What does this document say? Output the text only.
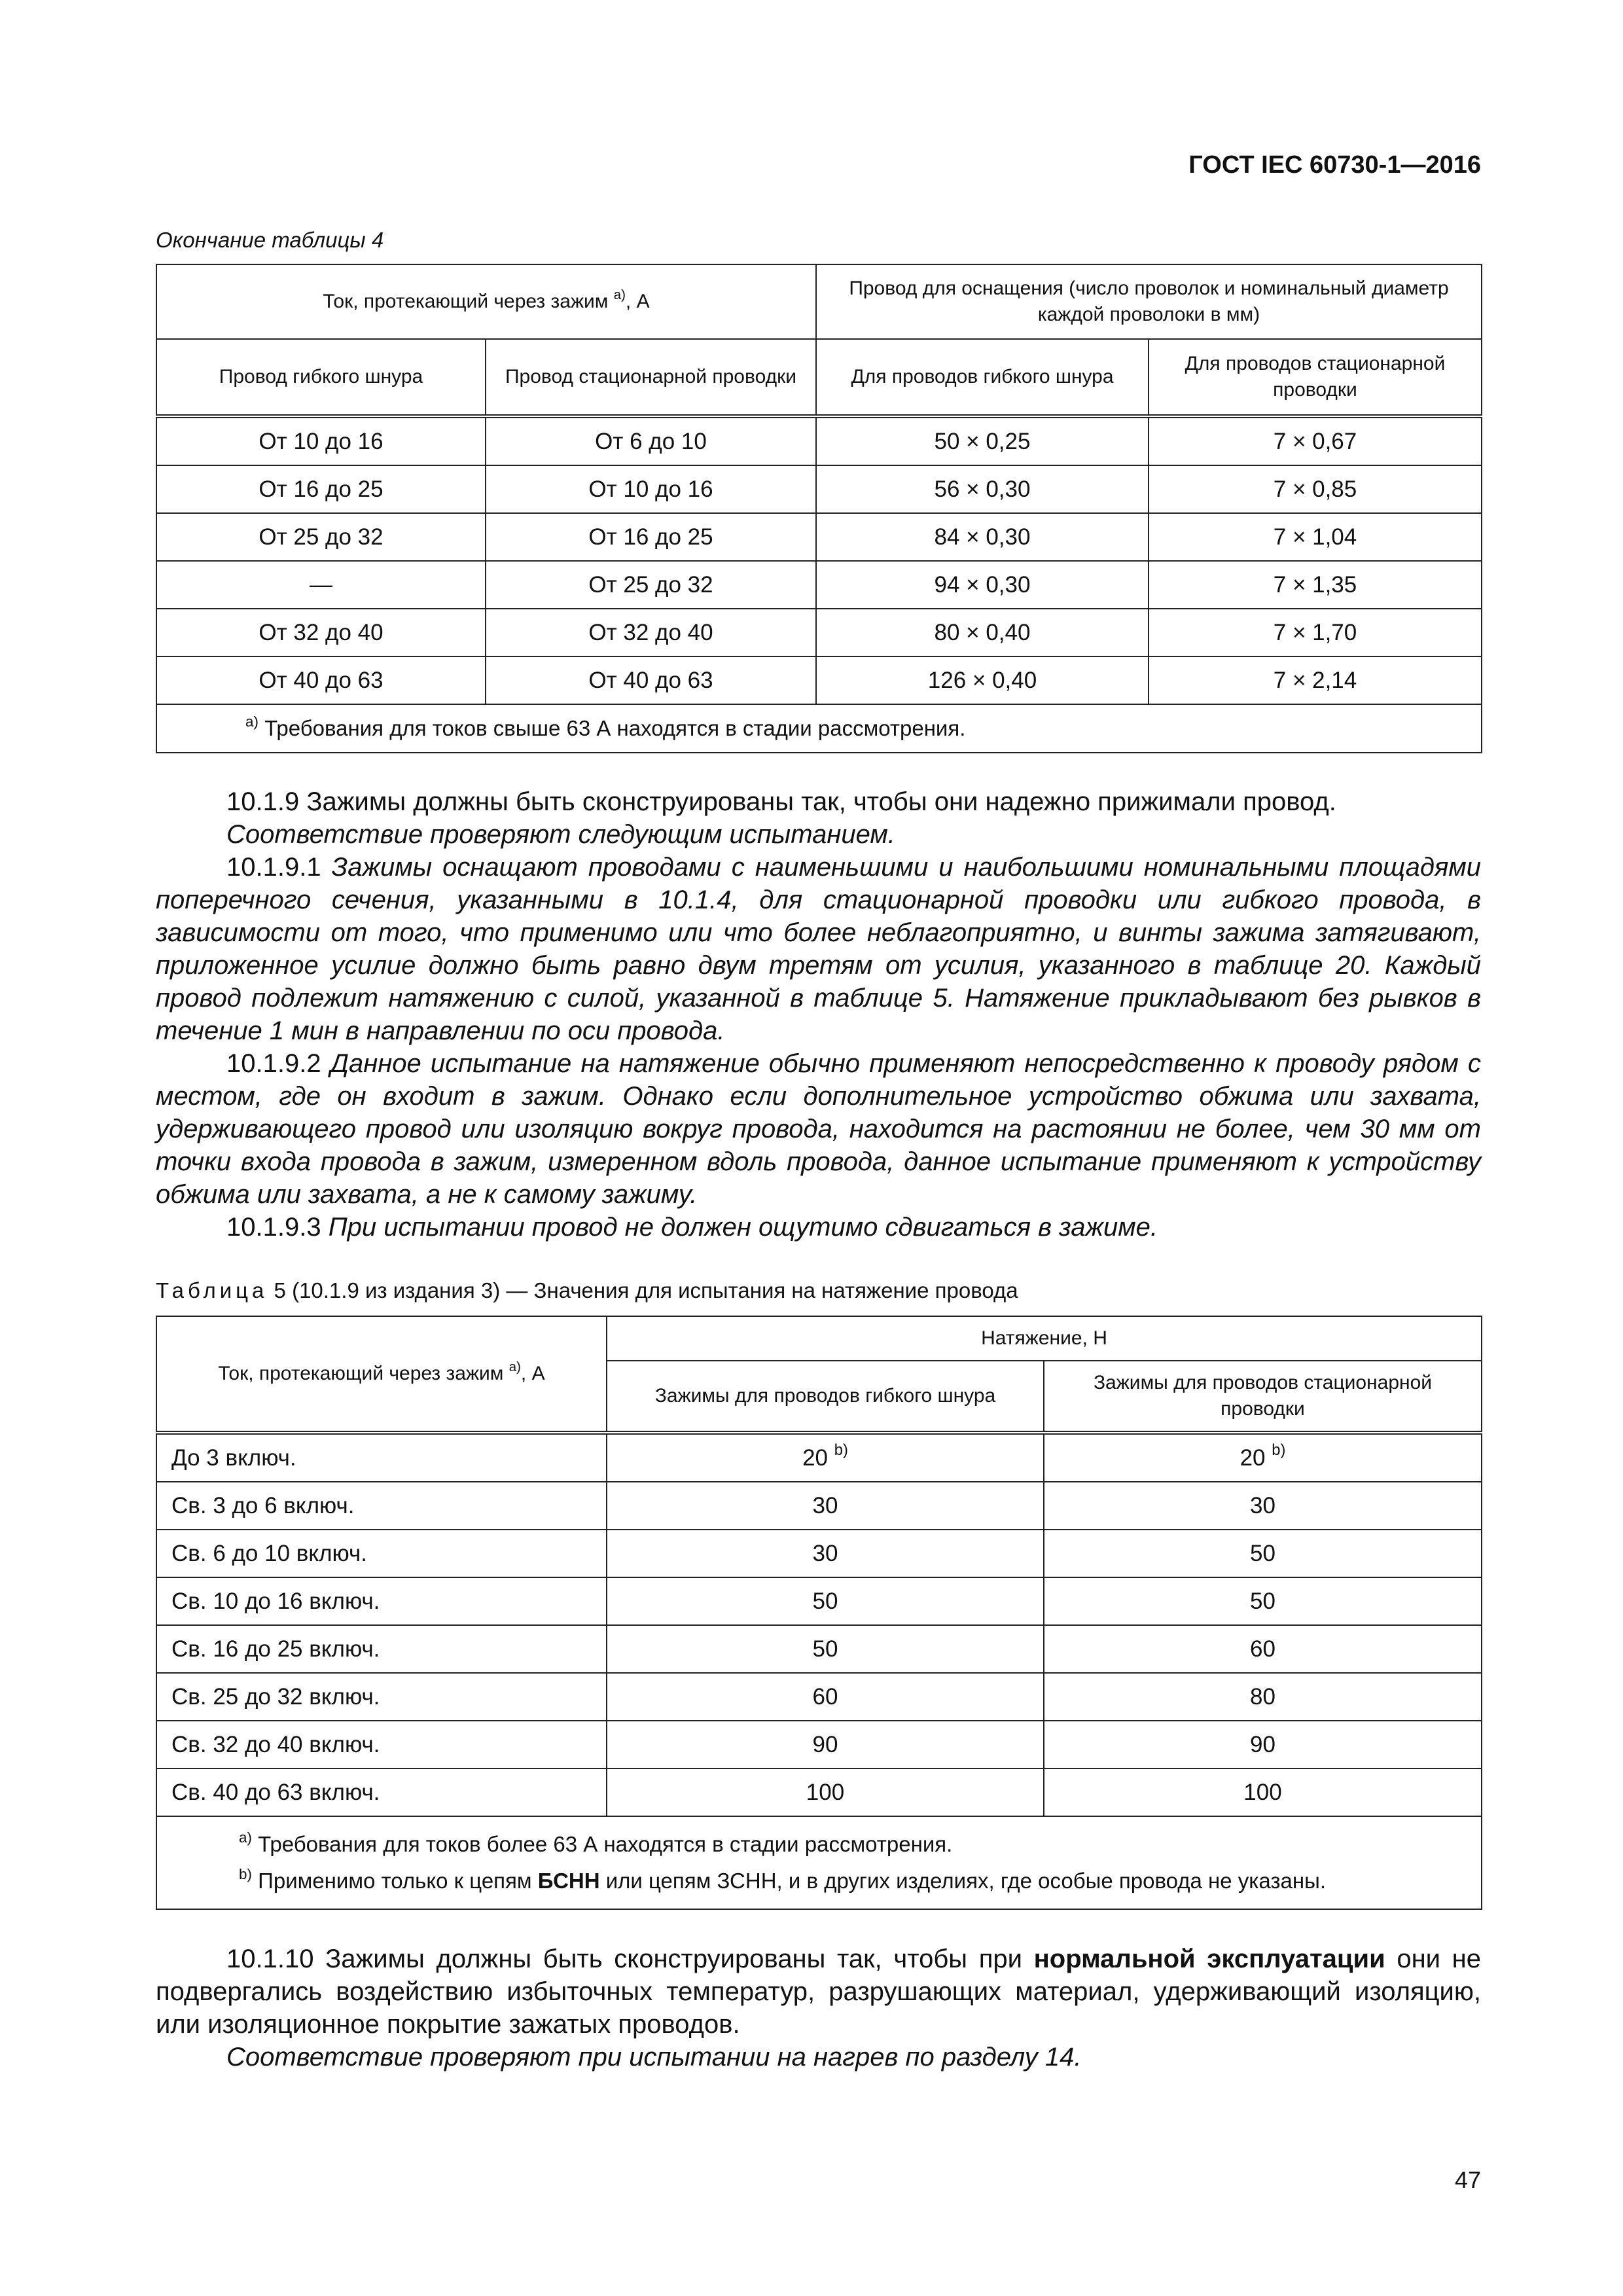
ГОСТ IEC 60730-1—2016
Окончание таблицы 4
Ток, протекающий через зажим $^{a)}$, А		Провод для оснащения (число проволок и номинальный диаметр каждой проволоки в мм)	
Провод гибкого шнура	Провод стационарной проводки	Для проводов гибкого шнура	Для проводов стационарной проводки
От 10 до 16	От 6 до 10	50 × 0,25	7 × 0,67
От 16 до 25	От 10 до 16	56 × 0,30	7 × 0,85
От 25 до 32	От 16 до 25	84 × 0,30	7 × 1,04
—	От 25 до 32	94 × 0,30	7 × 1,35
От 32 до 40	От 32 до 40	80 × 0,40	7 × 1,70
От 40 до 63	От 40 до 63	126 × 0,40	7 × 2,14
$^{a)}$ Требования для токов свыше 63 А находятся в стадии рассмотрения.			

10.1.9 Зажимы должны быть сконструированы так, чтобы они надежно прижимали провод.

Соответствие проверяют следующим испытанием.

10.1.9.1 Зажимы оснащают проводами с наименьшими и наибольшими номинальными площадями поперечного сечения, указанными в 10.1.4, для стационарной проводки или гибкого провода, в зависимости от того, что применимо или что более неблагоприятно, и винты зажима затягивают, приложенное усилие должно быть равно двум третям от усилия, указанного в таблице 20. Каждый провод подлежит натяжению с силой, указанной в таблице 5. Натяжение прикладывают без рывков в течение 1 мин в направлении по оси провода.

10.1.9.2 Данное испытание на натяжение обычно применяют непосредственно к проводу рядом с местом, где он входит в зажим. Однако если дополнительное устройство обжима или захвата, удерживающего провод или изоляцию вокруг провода, находится на растоянии не более, чем 30 мм от точки входа провода в зажим, измеренном вдоль провода, данное испытание применяют к устройству обжима или захвата, а не к самому зажиму.

10.1.9.3 При испытании провод не должен ощутимо сдвигаться в зажиме.

Таблица 5 (10.1.9 из издания 3) — Значения для испытания на натяжение провода
Ток, протекающий через зажим $^{a)}$, А	Натяжение, Н	
	Зажимы для проводов гибкого шнура	Зажимы для проводов стационарной проводки
До 3 включ.	20 $^{b)}$	20 $^{b)}$
Св. 3 до 6 включ.	30	30
Св. 6 до 10 включ.	30	50
Св. 10 до 16 включ.	50	50
Св. 16 до 25 включ.	50	60
Св. 25 до 32 включ.	60	80
Св. 32 до 40 включ.	90	90
Св. 40 до 63 включ.	100	100

$^{a)}$ Требования для токов более 63 А находятся в стадии рассмотрения.
$^{b)}$ Применимо только к цепям БСНН или цепям ЗСНН, и в других изделиях, где особые провода не указаны.		

10.1.10 Зажимы должны быть сконструированы так, чтобы при нормальной эксплуатации они не подвергались воздействию избыточных температур, разрушающих материал, удерживающий изоляцию, или изоляционное покрытие зажатых проводов.

Соответствие проверяют при испытании на нагрев по разделу 14.

47
